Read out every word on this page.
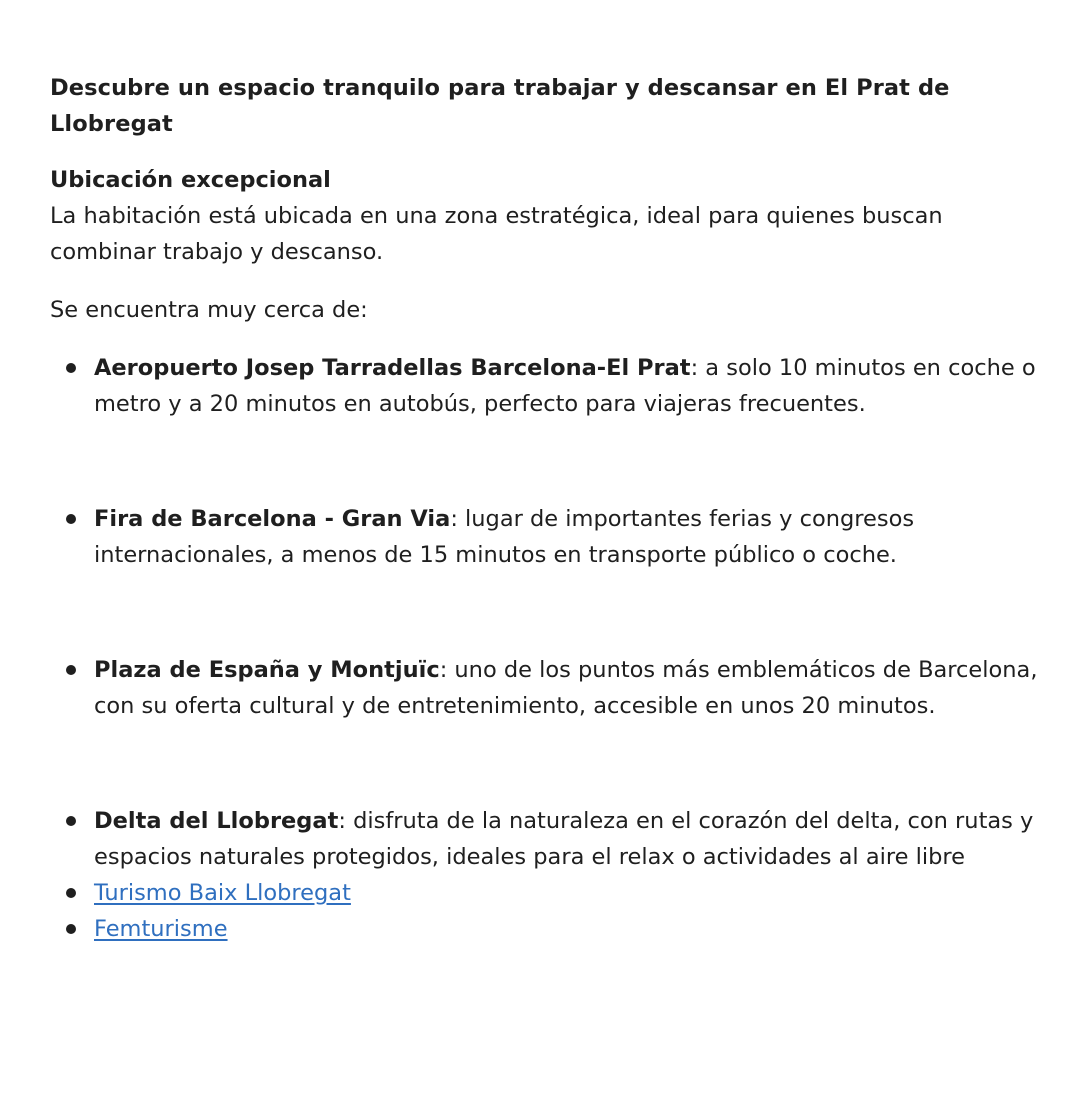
Descubre un espacio tranquilo para trabajar y descansar en El Prat de Llobregat
Ubicación excepcional

La habitación está ubicada en una zona estratégica, ideal para quienes buscan combinar trabajo y descanso.

Se encuentra muy cerca de:

Aeropuerto Josep Tarradellas Barcelona-El Prat: a solo 10 minutos en coche o metro y a 20 minutos en autobús, perfecto para viajeras frecuentes.
Fira de Barcelona - Gran Via: lugar de importantes ferias y congresos internacionales, a menos de 15 minutos en transporte público o coche.
Plaza de España y Montjuïc: uno de los puntos más emblemáticos de Barcelona, con su oferta cultural y de entretenimiento, accesible en unos 20 minutos.
Delta del Llobregat: disfruta de la naturaleza en el corazón del delta, con rutas y espacios naturales protegidos, ideales para el relax o actividades al aire libre
Turismo Baix Llobregat
Femturisme
